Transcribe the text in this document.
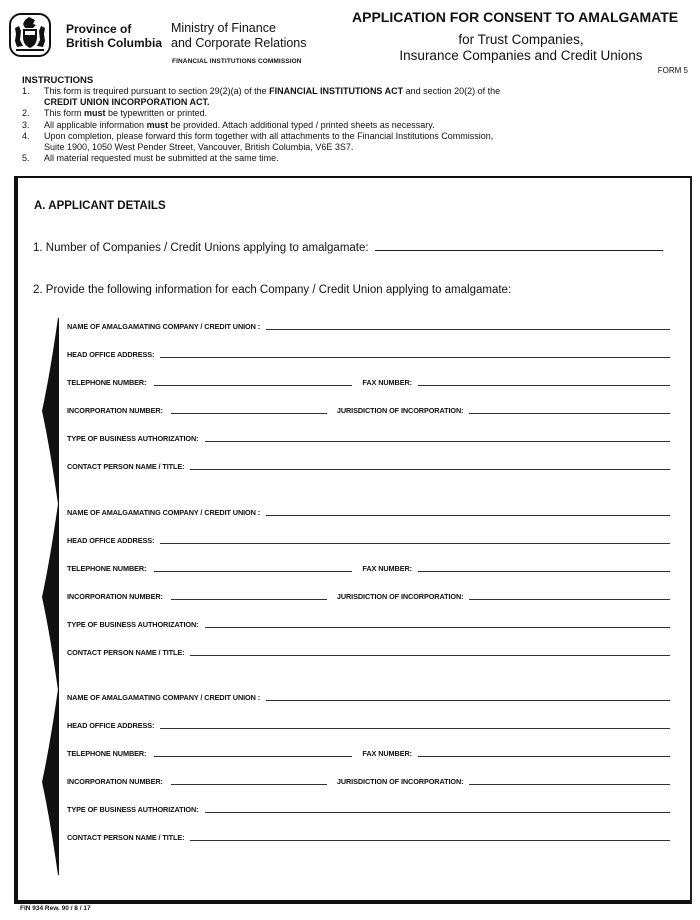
Province of
British Columbia
Ministry of Finance
and Corporate Relations
FINANCIAL INSTITUTIONS COMMISSION
APPLICATION FOR CONSENT TO AMALGAMATE
for Trust Companies,
Insurance Companies and Credit Unions
FORM 5
INSTRUCTIONS
1.	This form is trequired pursuant to section 29(2)(a) of the FINANCIAL INSTITUTIONS ACT and section 20(2) of the
CREDIT UNION INCORPORATION ACT.
2.	This form must be typewritten or printed.
3.	All applicable information must be provided. Attach additional typed / printed sheets as necessary.
4.	Upon completion, please forward this form together with all attachments to the Financial Institutions Commission,
Suite 1900, 1050 West Pender Street, Vancouver, British Columbia, V6E 3S7.
5.	All material requested must be submitted at the same time.
A. APPLICANT DETAILS
1. Number of Companies / Credit Unions applying to amalgamate:
2. Provide the following information for each Company / Credit Union applying to amalgamate:
NAME OF AMALGAMATING COMPANY / CREDIT UNION :
HEAD OFFICE ADDRESS:
TELEPHONE NUMBER:	FAX NUMBER:
INCORPORATION NUMBER:	JURISDICTION OF INCORPORATION:
TYPE OF BUSINESS AUTHORIZATION:
CONTACT PERSON NAME / TITLE:
NAME OF AMALGAMATING COMPANY / CREDIT UNION :
HEAD OFFICE ADDRESS:
TELEPHONE NUMBER:	FAX NUMBER:
INCORPORATION NUMBER:	JURISDICTION OF INCORPORATION:
TYPE OF BUSINESS AUTHORIZATION:
CONTACT PERSON NAME / TITLE:
NAME OF AMALGAMATING COMPANY / CREDIT UNION :
HEAD OFFICE ADDRESS:
TELEPHONE NUMBER:	FAX NUMBER:
INCORPORATION NUMBER:	JURISDICTION OF INCORPORATION:
TYPE OF BUSINESS AUTHORIZATION:
CONTACT PERSON NAME / TITLE:
FIN 934 Rew. 90 / 8 / 17
